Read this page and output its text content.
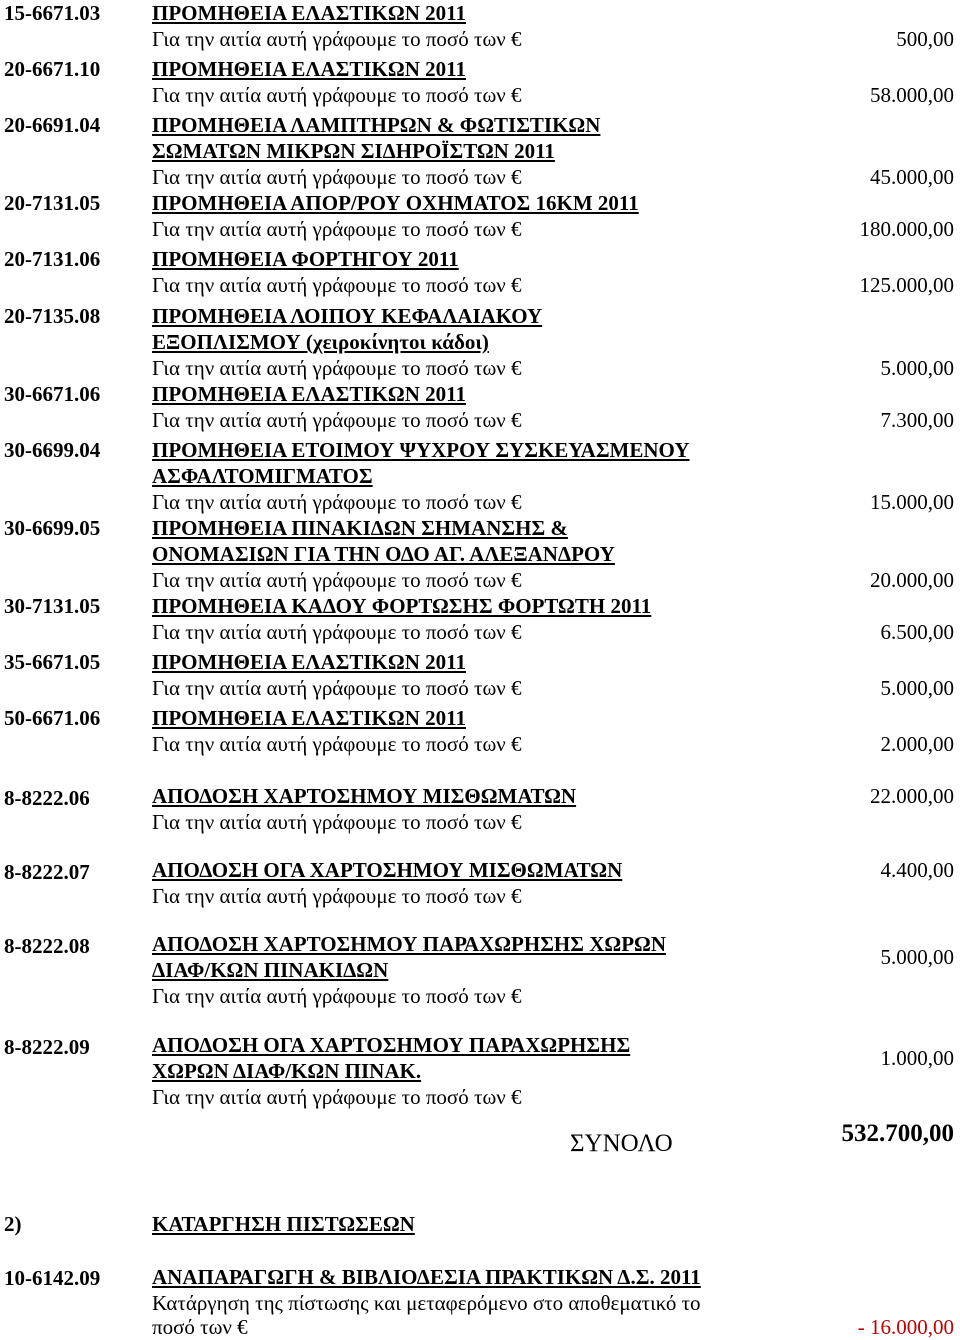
15-6671.03 ΠΡΟΜΗΘΕΙΑ ΕΛΑΣΤΙΚΩΝ 2011
Για την αιτία αυτή γράφουμε το ποσό των €	500,00
20-6671.10 ΠΡΟΜΗΘΕΙΑ ΕΛΑΣΤΙΚΩΝ 2011
Για την αιτία αυτή γράφουμε το ποσό των €	58.000,00
20-6691.04 ΠΡΟΜΗΘΕΙΑ ΛΑΜΠΤΗΡΩΝ & ΦΩΤΙΣΤΙΚΩΝ
ΣΩΜΑΤΩΝ ΜΙΚΡΩΝ ΣΙΔΗΡΟΪΣΤΩΝ 2011
Για την αιτία αυτή γράφουμε το ποσό των €	45.000,00
20-7131.05 ΠΡΟΜΗΘΕΙΑ ΑΠΟΡ/ΡΟΥ ΟΧΗΜΑΤΟΣ 16ΚΜ 2011
Για την αιτία αυτή γράφουμε το ποσό των €	180.000,00
20-7131.06 ΠΡΟΜΗΘΕΙΑ ΦΟΡΤΗΓΟΥ 2011
Για την αιτία αυτή γράφουμε το ποσό των €	125.000,00
20-7135.08 ΠΡΟΜΗΘΕΙΑ ΛΟΙΠΟΥ ΚΕΦΑΛΑΙΑΚΟΥ
ΕΞΟΠΛΙΣΜΟΥ (χειροκίνητοι κάδοι)
Για την αιτία αυτή γράφουμε το ποσό των €	5.000,00
30-6671.06 ΠΡΟΜΗΘΕΙΑ ΕΛΑΣΤΙΚΩΝ 2011
Για την αιτία αυτή γράφουμε το ποσό των €	7.300,00
30-6699.04 ΠΡΟΜΗΘΕΙΑ ΕΤΟΙΜΟΥ ΨΥΧΡΟΥ ΣΥΣΚΕΥΑΣΜΕΝΟΥ
ΑΣΦΑΛΤΟΜΙΓΜΑΤΟΣ
Για την αιτία αυτή γράφουμε το ποσό των €	15.000,00
30-6699.05 ΠΡΟΜΗΘΕΙΑ ΠΙΝΑΚΙΔΩΝ ΣΗΜΑΝΣΗΣ &
ΟΝΟΜΑΣΙΩΝ ΓΙΑ ΤΗΝ ΟΔΟ ΑΓ. ΑΛΕΞΑΝΔΡΟΥ
Για την αιτία αυτή γράφουμε το ποσό των €	20.000,00
30-7131.05 ΠΡΟΜΗΘΕΙΑ ΚΑΔΟΥ ΦΟΡΤΩΣΗΣ ΦΟΡΤΩΤΗ 2011
Για την αιτία αυτή γράφουμε το ποσό των €	6.500,00
35-6671.05 ΠΡΟΜΗΘΕΙΑ ΕΛΑΣΤΙΚΩΝ 2011
Για την αιτία αυτή γράφουμε το ποσό των €	5.000,00
50-6671.06 ΠΡΟΜΗΘΕΙΑ ΕΛΑΣΤΙΚΩΝ 2011
Για την αιτία αυτή γράφουμε το ποσό των €	2.000,00
8-8222.06	ΑΠΟΔΟΣΗ ΧΑΡΤΟΣΗΜΟΥ ΜΙΣΘΩΜΑΤΩΝ	22.000,00
Για την αιτία αυτή γράφουμε το ποσό των €
8-8222.07	ΑΠΟΔΟΣΗ ΟΓΑ ΧΑΡΤΟΣΗΜΟΥ ΜΙΣΘΩΜΑΤΩΝ	4.400,00
Για την αιτία αυτή γράφουμε το ποσό των €
8-8222.08	ΑΠΟΔΟΣΗ ΧΑΡΤΟΣΗΜΟΥ ΠΑΡΑΧΩΡΗΣΗΣ ΧΩΡΩΝ
ΔΙΑΦ/ΚΩΝ ΠΙΝΑΚΙΔΩΝ
5.000,00
Για την αιτία αυτή γράφουμε το ποσό των €
8-8222.09	ΑΠΟΔΟΣΗ ΟΓΑ ΧΑΡΤΟΣΗΜΟΥ ΠΑΡΑΧΩΡΗΣΗΣ
ΧΩΡΩΝ ΔΙΑΦ/ΚΩΝ ΠΙΝΑΚ.
1.000,00
Για την αιτία αυτή γράφουμε το ποσό των €
ΣΥΝΟΛΟ	532.700,00
2)	ΚΑΤΑΡΓΗΣΗ ΠΙΣΤΩΣΕΩΝ
10-6142.09 ΑΝΑΠΑΡΑΓΩΓΗ & ΒΙΒΛΙΟΔΕΣΙΑ ΠΡΑΚΤΙΚΩΝ Δ.Σ. 2011
Κατάργηση της πίστωσης και μεταφερόμενο στο αποθεματικό το
ποσό των €	- 16.000,00
